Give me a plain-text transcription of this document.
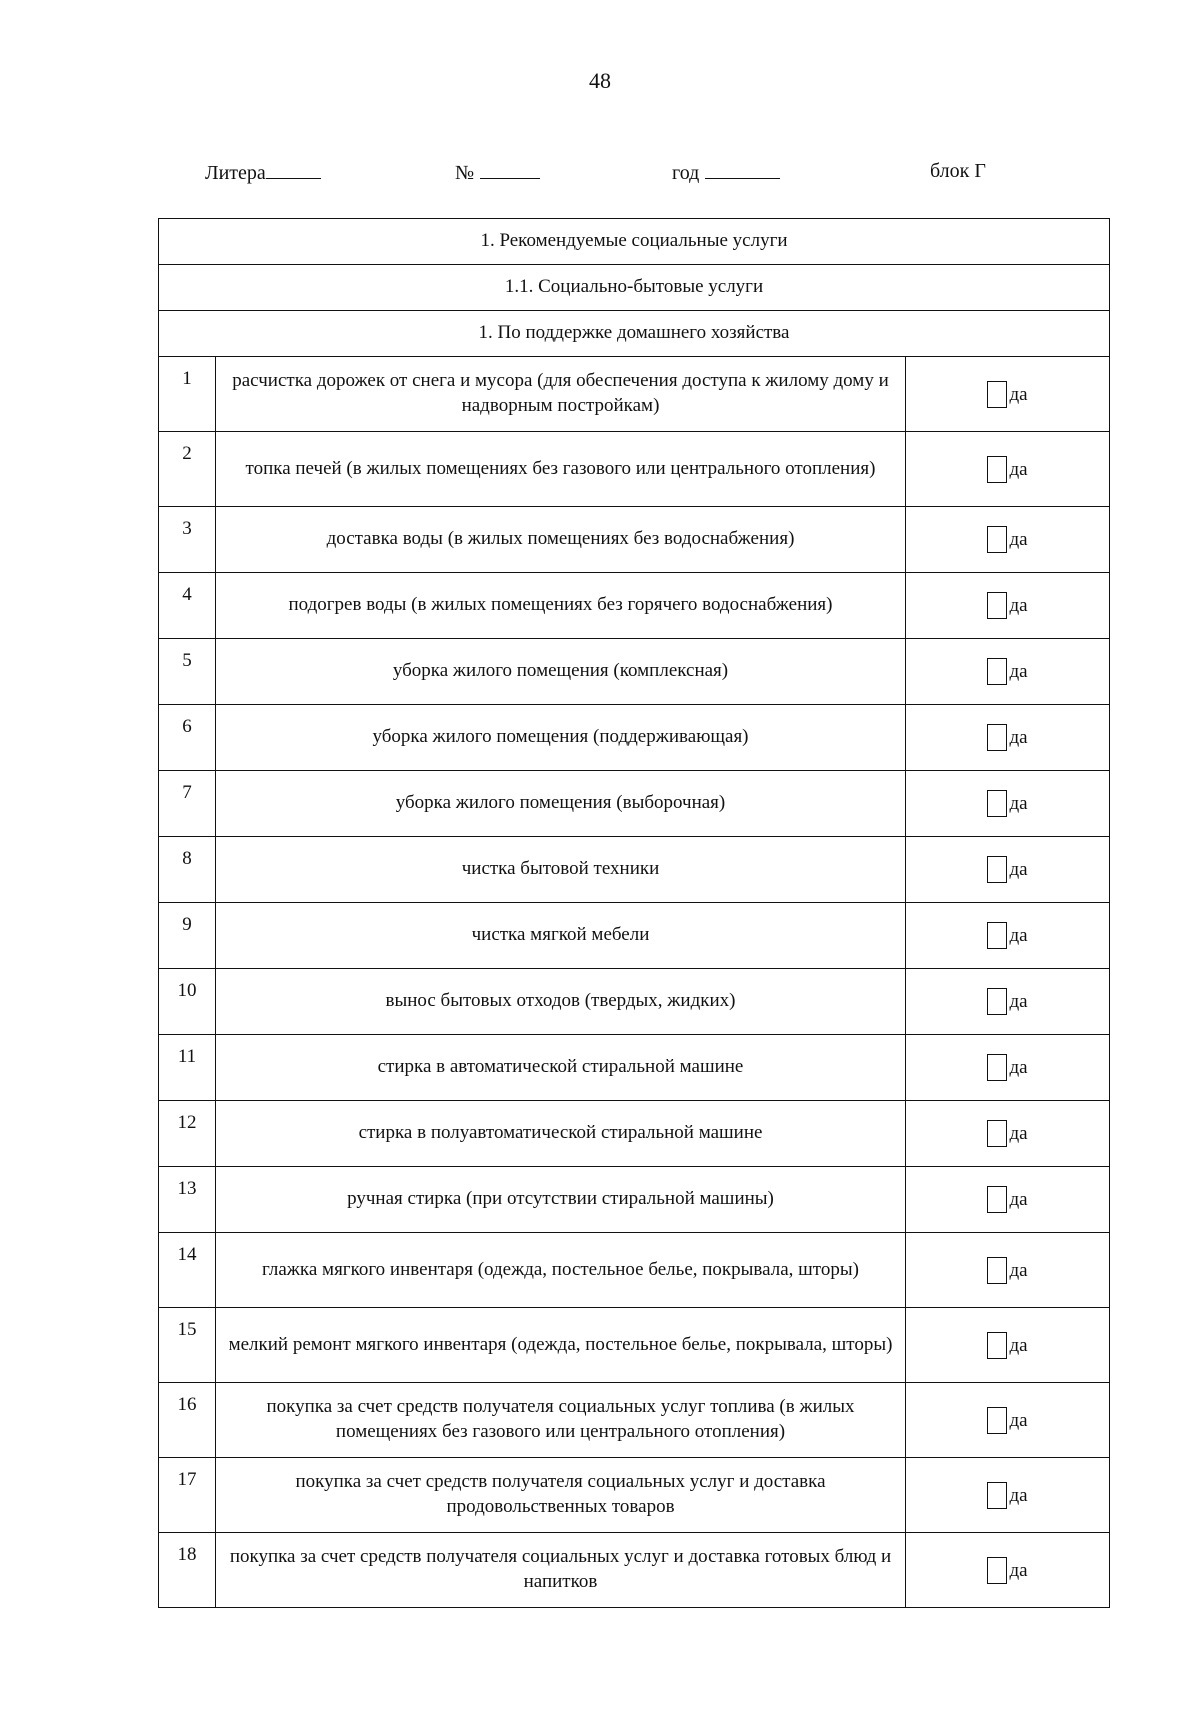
48
Литера	№	год	блок Г
1. Рекомендуемые социальные услуги		
1.1. Социально-бытовые услуги		
1. По поддержке домашнего хозяйства		
1	расчистка дорожек от снега и мусора (для обеспечения доступа к жилому дому и надворным постройкам)	да
2	топка печей (в жилых помещениях без газового или центрального отопления)	да
3	доставка воды (в жилых помещениях без водоснабжения)	да
4	подогрев воды (в жилых помещениях без горячего водоснабжения)	да
5	уборка жилого помещения (комплексная)	да
6	уборка жилого помещения (поддерживающая)	да
7	уборка жилого помещения (выборочная)	да
8	чистка бытовой техники	да
9	чистка мягкой мебели	да
10	вынос бытовых отходов (твердых, жидких)	да
11	стирка в автоматической стиральной машине	да
12	стирка в полуавтоматической стиральной машине	да
13	ручная стирка (при отсутствии стиральной машины)	да
14	глажка мягкого инвентаря (одежда, постельное белье, покрывала, шторы)	да
15	мелкий ремонт мягкого инвентаря (одежда, постельное белье, покрывала, шторы)	да
16	покупка за счет средств получателя социальных услуг топлива (в жилых помещениях без газового или центрального отопления)	да
17	покупка за счет средств получателя социальных услуг и доставка продовольственных товаров	да
18	покупка за счет средств получателя социальных услуг и доставка готовых блюд и напитков	да
